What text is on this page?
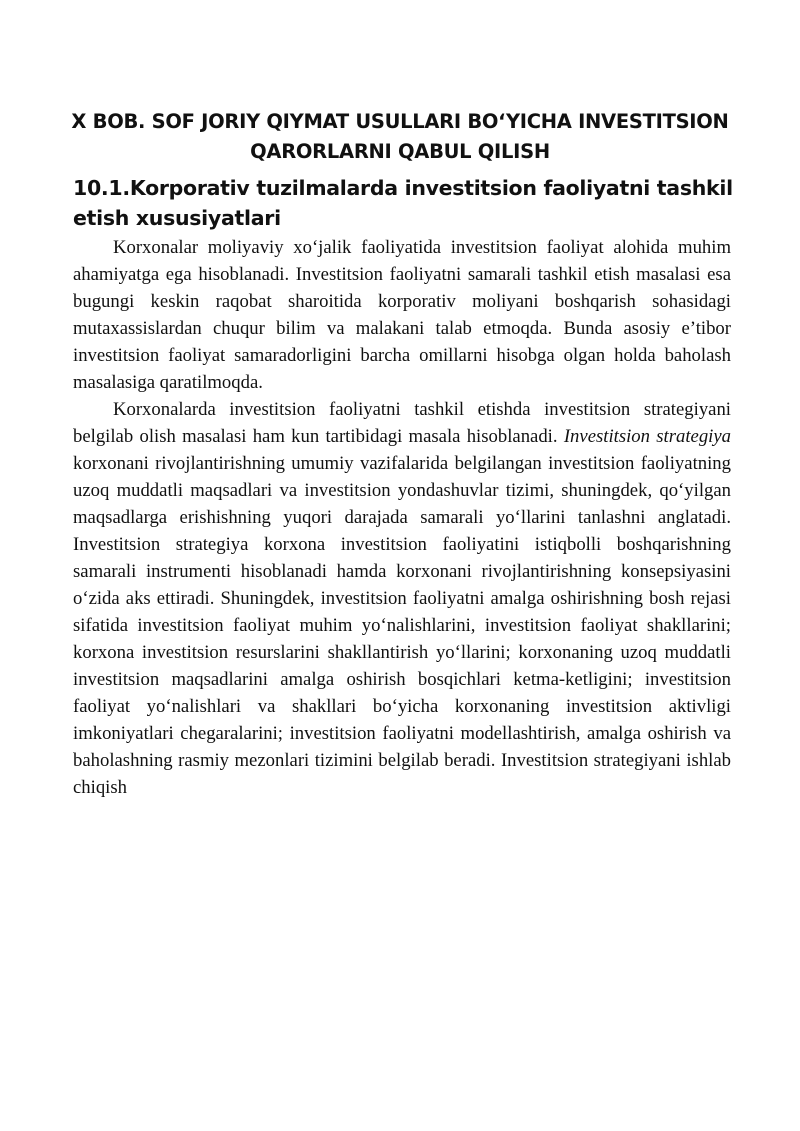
X BOB. SOF JORIY QIYMAT USULLARI BO‘YICHA INVESTITSION
QARORLARNI QABUL QILISH
10.1.Korporativ tuzilmalarda investitsion faoliyatni tashkil etish xususiyatlari

Korxonalar moliyaviy xo‘jalik faoliyatida investitsion faoliyat alohida muhim ahamiyatga ega hisoblanadi. Investitsion faoliyatni samarali tashkil etish masalasi esa bugungi keskin raqobat sharoitida korporativ moliyani boshqarish sohasidagi mutaxassislardan chuqur bilim va malakani talab etmoqda. Bunda asosiy e’tibor investitsion faoliyat samaradorligini barcha omillarni hisobga olgan holda baholash masalasiga qaratilmoqda.

Korxonalarda investitsion faoliyatni tashkil etishda investitsion strategiyani belgilab olish masalasi ham kun tartibidagi masala hisoblanadi. Investitsion strategiya korxonani rivojlantirishning umumiy vazifalarida belgilangan investitsion faoliyatning uzoq muddatli maqsadlari va investitsion yondashuvlar tizimi, shuningdek, qo‘yilgan maqsadlarga erishishning yuqori darajada samarali yo‘llarini tanlashni anglatadi. Investitsion strategiya korxona investitsion faoliyatini istiqbolli boshqarishning samarali instrumenti hisoblanadi hamda korxonani rivojlantirishning konsepsiyasini o‘zida aks ettiradi. Shuningdek, investitsion faoliyatni amalga oshirishning bosh rejasi sifatida investitsion faoliyat muhim yo‘nalishlarini, investitsion faoliyat shakllarini; korxona investitsion resurslarini shakllantirish yo‘llarini; korxonaning uzoq muddatli investitsion maqsadlarini amalga oshirish bosqichlari ketma-ketligini; investitsion faoliyat yo‘nalishlari va shakllari bo‘yicha korxonaning investitsion aktivligi imkoniyatlari chegaralarini; investitsion faoliyatni modellashtirish, amalga oshirish va baholashning rasmiy mezonlari tizimini belgilab beradi. Investitsion strategiyani ishlab chiqish
